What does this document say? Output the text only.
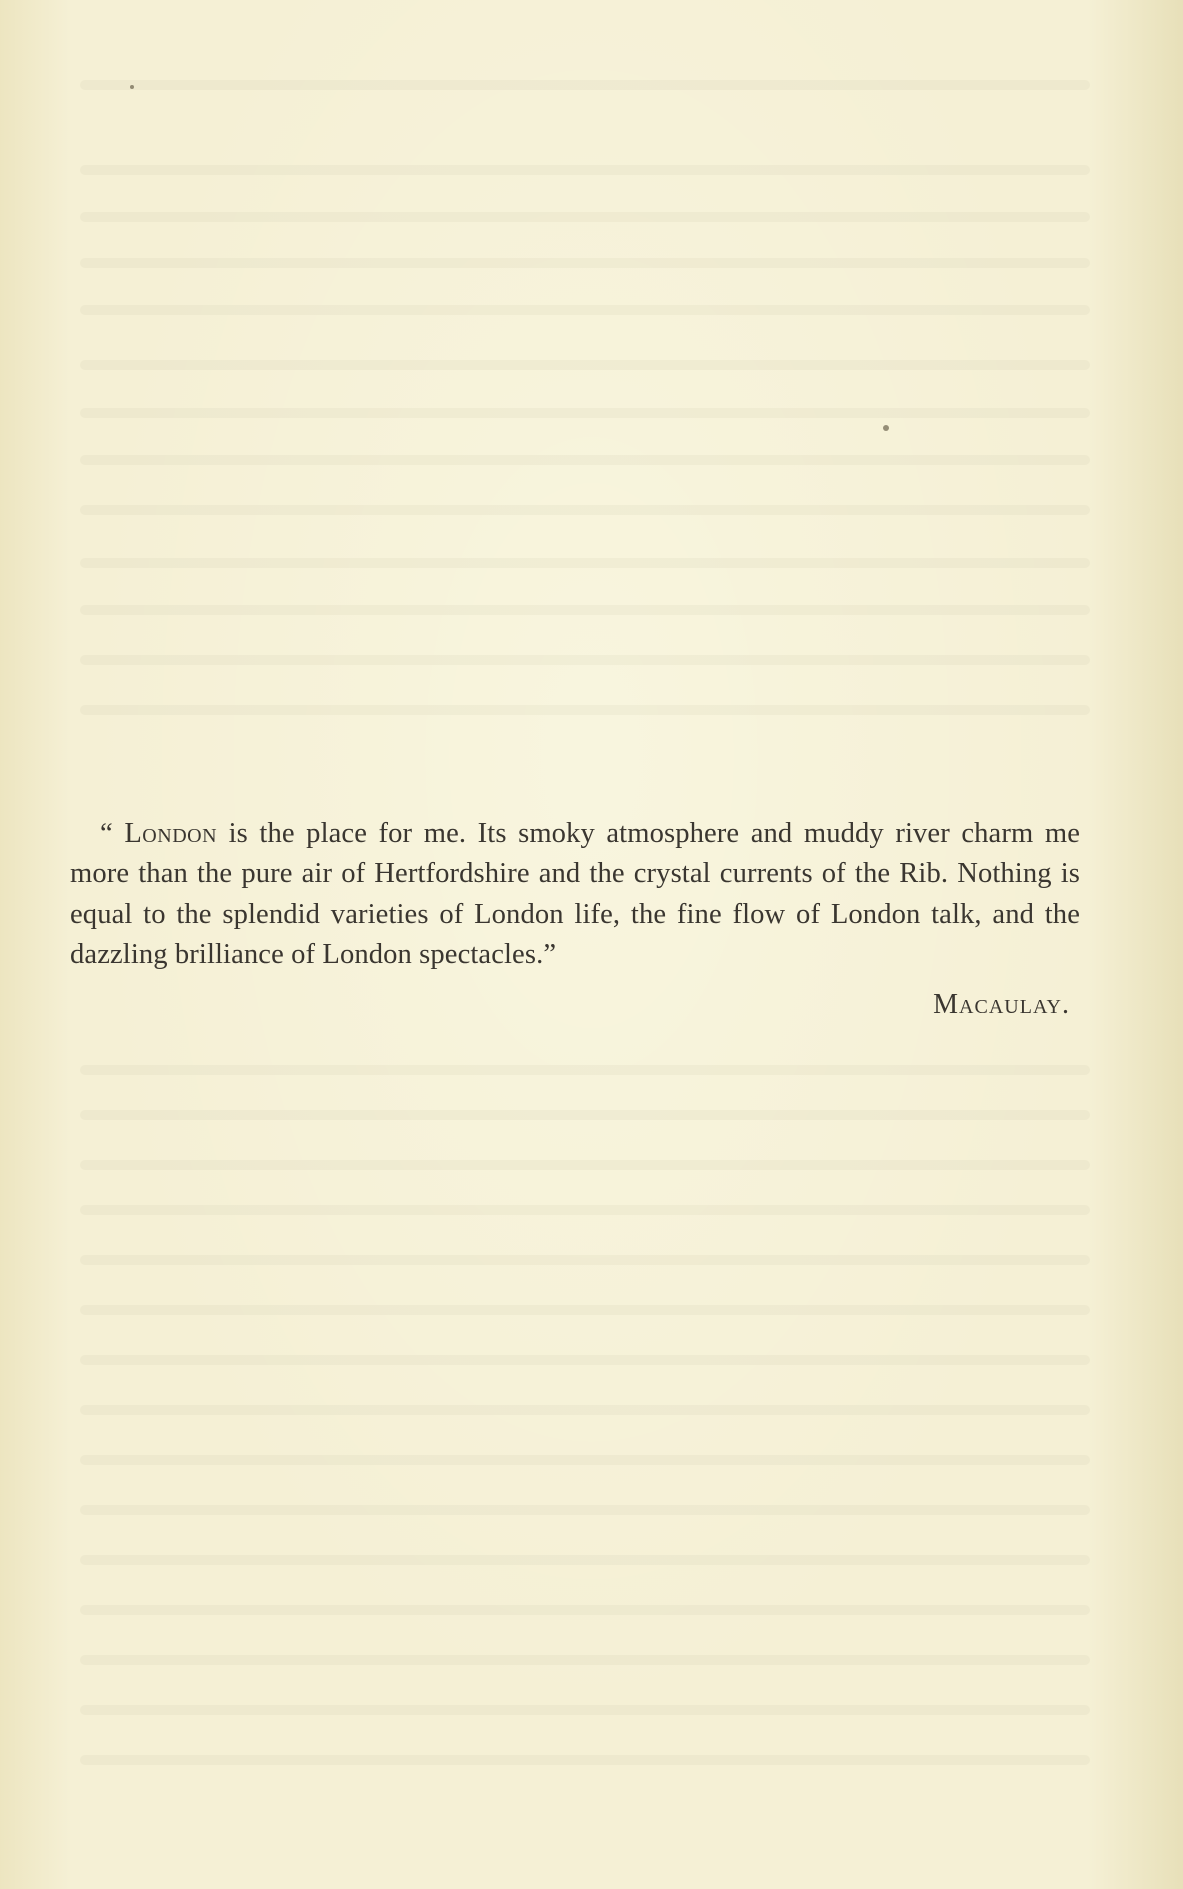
“ London is the place for me. Its smoky atmosphere and muddy river charm me more than the pure air of Hertfordshire and the crystal currents of the Rib. Nothing is equal to the splendid varieties of London life, the fine flow of London talk, and the dazzling brilliance of London spectacles.”

Macaulay.
